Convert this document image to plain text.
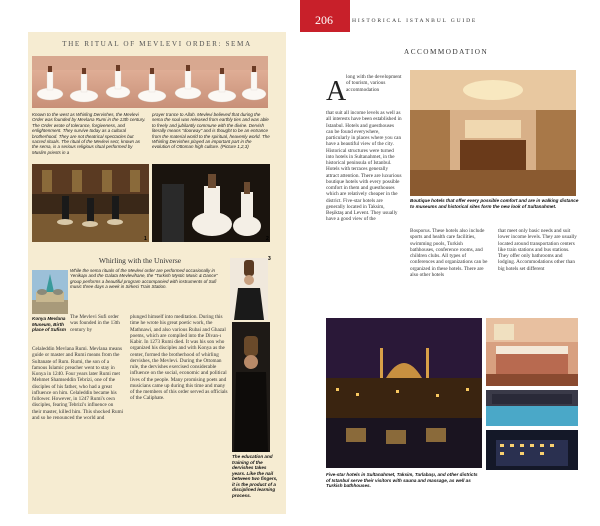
THE RITUAL OF MEVLEVI ORDER: SEMA
Known to the west as Whirling Dervishes, the Mevlevi Order was founded by Mevlana Rumi in the 13th century. The Order wrote of tolerance, forgiveness, and enlightenment. They survive today as a cultural brotherhood. They are not theatrical spectacles but sacred rituals. The ritual of the Mevlevi sect, known as the sema, is a serious religious ritual performed by Muslim priests in a
prayer trance to Allah. Mevlevi believed that during the sema the soul was released from earthly ties and was able to freely and jubilantly commune with the divine. Dervish literally means "doorway" and is thought to be an entrance from the material world to the spiritual, heavenly world. The Whirling Dervishes played an important part in the evolution of Ottoman high culture. (Picture 1,2,3)
1	2
Whirling with the Universe
While the sema rituals of the Mevlevi order are performed occasionally in Yenikapı and the Galata Mevlevihane, the "Turkish Mystic Music & Dance" group performs a beautiful program accompanied with instruments of Sufi music three days a week in Sirkeci Train Station.
3
Konya Mevlana Museum, Birth place of Sufism
The Mevlevi Sufi order was founded in the 13th century by
Celaleddin Mevlana Rumi. Mevlana means guide or master and Rumi means from the Sultanate of Rum. Rumi, the son of a famous Islamic preacher went to stay in Konya in 1240. Four years later Rumi met Mehmet Shamseddin Tebrizi, one of the disciples of his father, who had a great influence on him. Celaleddin became his follower. However, in 1247 Rumi's own disciples, fearing Tebrizi's influence on their master, killed him. This shocked Rumi and so he renounced the world and
plunged himself into meditation. During this time he wrote his great poetic work, the Mathnawi, and also various Rubai and Ghazal poems, which are compiled into the Divan-ı Kabir. In 1273 Rumi died. It was his son who organized his disciples and with Konya as the center, formed the brotherhood of whirling dervishes, the Mevlevi. During the Ottoman rule, the dervishes exercised considerable influence on the social, economic and political lives of the people. Many promising poets and musicians came up during this time and many of the members of this order served as officials of the Caliphate.
The education and training of the dervishes takes years. Like the nail between two fingers, it is the product of a disciplined learning process.
206	HISTORICAL ISTANBUL GUIDE
ACCOMMODATION
A long with the development of tourism, various accommodation
that suit all income levels as well as all interests have been established in Istanbul. Hotels and guesthouses can be found everywhere, particularly in places where you can have a beautiful view of the city. Historical structures were turned into hotels in Sultanahmet, in the historical peninsula of Istanbul. Hotels with terraces generally attract attention. There are luxurious boutique hotels with every possible comfort in them and guesthouses which are relatively cheaper in the district. Five-star hotels are generally located in Taksim, Beşiktaş and Levent. They usually have a good view of the
Boutique hotels that offer every possible comfort and are in walking distance to museums and historical sites form the new look of Sultanahmet.
Bosporus. These hotels also include sports and health care facilities, swimming pools, Turkish bathhouses, conference rooms, and children clubs. All types of conferences and organizations can be organized in these hotels. There are also other hotels
that meet only basic needs and suit lower income levels. They are usually located around transportation centers like train stations and bus stations. They offer only bathrooms and lodging. Accommodations other than big hotels set different
Five-star hotels in Sultanahmet, Taksim, Tarlabaşı, and other districts of Istanbul serve their visitors with sauna and massage, as well as Turkish bathhouses.
